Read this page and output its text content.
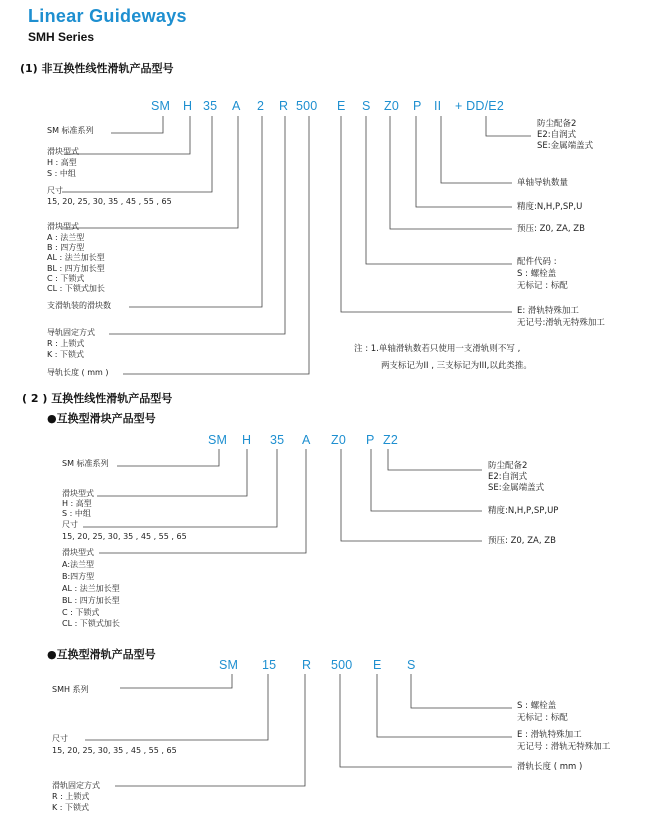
Linear Guideways
SMH Series
(1) 非互换性线性滑轨产品型号
SM H 35 A 2 R 500 E S Z0 P II + DD/E2
SM 标准系列
滑块型式
H : 高型
S : 中组
尺寸
15, 20, 25, 30, 35 , 45 , 55 , 65
滑块型式
A : 法兰型
B : 四方型
AL : 法兰加长型
BL : 四方加长型
C : 下锁式
CL : 下锁式加长
支滑轨装的滑块数
导轨固定方式
R : 上锁式
K : 下锁式
导轨长度 ( mm )
防尘配备2
E2:自润式
SE:金属端盖式
单轴导轨数量
精度:N,H,P,SP,U
预压: Z0, ZA, ZB
配件代码 :
S : 螺栓盖
无标记 : 标配
E: 滑轨特殊加工
无记号:滑轨无特殊加工
注 : 1.单轴滑轨数若只使用一支滑轨则不写 ,
两支标记为II , 三支标记为III,以此类推。
( 2 ) 互换性线性滑轨产品型号
●互换型滑块产品型号
SM H 35 A Z0 P Z2
SM 标准系列
滑块型式
H : 高型
S : 中组
尺寸
15, 20, 25, 30, 35 , 45 , 55 , 65
滑块型式
A:法兰型
B:四方型
AL : 法兰加长型
BL : 四方加长型
C : 下锁式
CL : 下锁式加长
防尘配备2
E2:自润式
SE:金属端盖式
精度:N,H,P,SP,UP
预压: Z0, ZA, ZB
●互换型滑轨产品型号
SM 15 R 500 E S
SMH 系列
尺寸
15, 20, 25, 30, 35 , 45 , 55 , 65
滑轨固定方式
R : 上锁式
K : 下锁式
S : 螺栓盖
无标记 : 标配
E : 滑轨特殊加工
无记号 : 滑轨无特殊加工
滑轨长度 ( mm )
